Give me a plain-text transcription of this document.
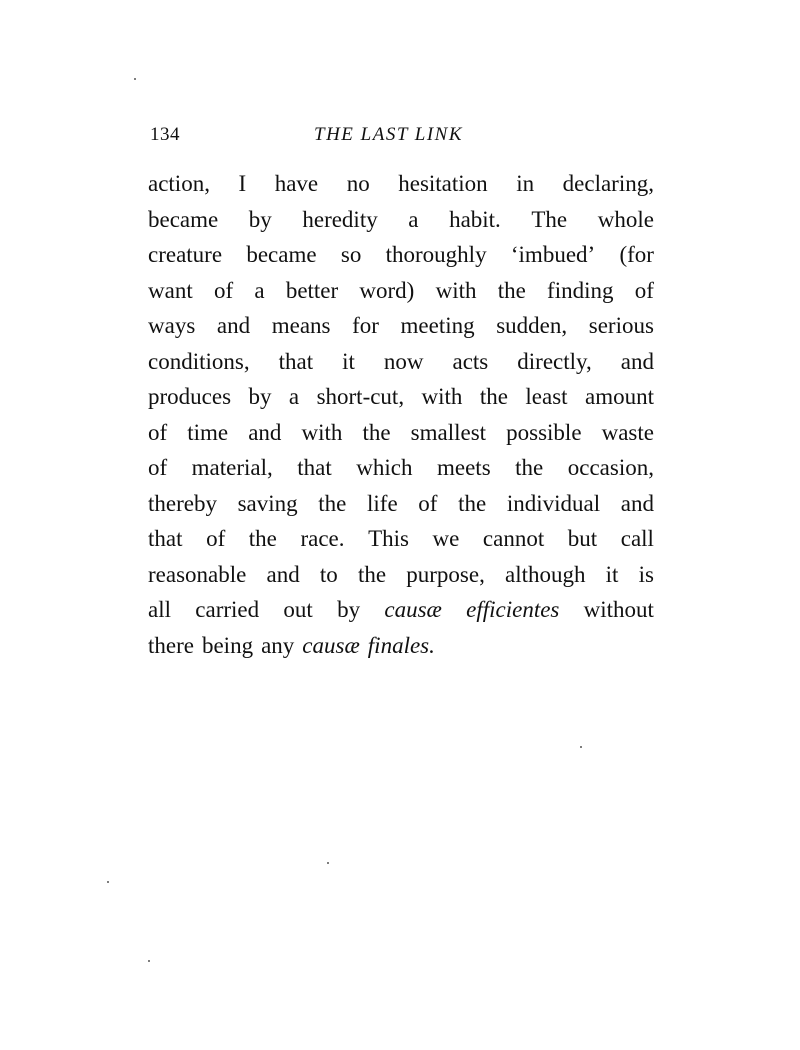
134	THE LAST LINK
action, I have no hesitation in declaring,
became by heredity a habit. The whole
creature became so thoroughly ‘imbued’ (for
want of a better word) with the finding of
ways and means for meeting sudden, serious
conditions, that it now acts directly, and
produces by a short-cut, with the least amount
of time and with the smallest possible waste
of material, that which meets the occasion,
thereby saving the life of the individual and
that of the race. This we cannot but call
reasonable and to the purpose, although it is
all carried out by causæ efficientes without
there being any causæ finales.
